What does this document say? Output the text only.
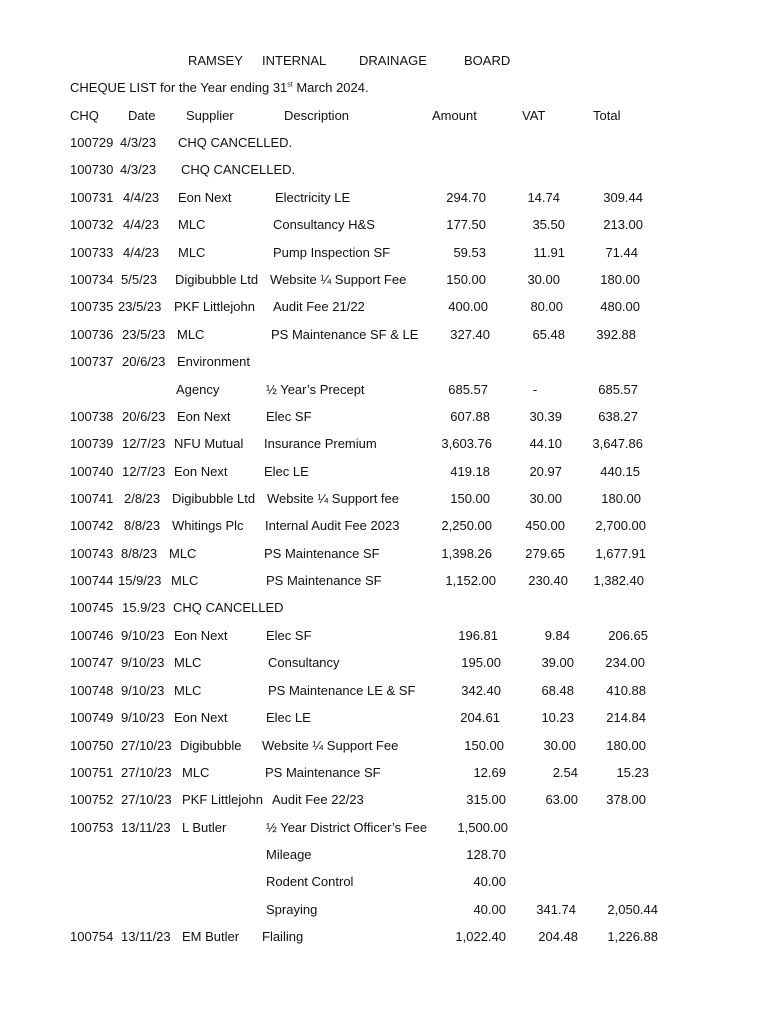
RAMSEY INTERNAL	DRAINAGE	BOARD
CHEQUE LIST for the Year ending 31st March 2024.
CHQ Date Supplier	Description	Amount	VAT	Total
100729 4/3/23 CHQ CANCELLED.
100730 4/3/23 CHQ CANCELLED.
100731 4/4/23 Eon Next	Electricity LE	294.70	14.74	309.44
100732 4/4/23 MLC	Consultancy H&S	177.50	35.50	213.00
100733 4/4/23 MLC	Pump Inspection SF	59.53	11.91	71.44
100734 5/5/23 Digibubble Ltd Website ¼ Support Fee	150.00	30.00	180.00
100735 23/5/23 PKF Littlejohn Audit Fee 21/22	400.00	80.00	480.00
100736 23/5/23 MLC	PS Maintenance SF & LE	327.40	65.48	392.88
100737 20/6/23 Environment
Agency	½ Year’s Precept	685.57	-	685.57
100738 20/6/23 Eon Next	Elec SF	607.88	30.39	638.27
100739 12/7/23 NFU Mutual Insurance Premium	3,603.76	44.10	3,647.86
100740 12/7/23 Eon Next	Elec LE	419.18	20.97	440.15
100741 2/8/23 Digibubble Ltd Website ¼ Support fee	150.00	30.00	180.00
100742 8/8/23 Whitings Plc Internal Audit Fee 2023	2,250.00	450.00	2,700.00
100743 8/8/23 MLC	PS Maintenance SF	1,398.26	279.65	1,677.91
100744 15/9/23 MLC	PS Maintenance SF	1,152.00	230.40	1,382.40
100745 15.9/23 CHQ CANCELLED
100746 9/10/23 Eon Next	Elec SF	196.81	9.84	206.65
100747 9/10/23 MLC	Consultancy	195.00	39.00	234.00
100748 9/10/23 MLC	PS Maintenance LE & SF	342.40	68.48	410.88
100749 9/10/23 Eon Next	Elec LE	204.61	10.23	214.84
100750 27/10/23 Digibubble Website ¼ Support Fee	150.00	30.00	180.00
100751 27/10/23 MLC	PS Maintenance SF	12.69	2.54	15.23
100752 27/10/23 PKF Littlejohn Audit Fee 22/23	315.00	63.00	378.00
100753 13/11/23 L Butler	½ Year District Officer’s Fee	1,500.00
Mileage	128.70
Rodent Control	40.00
Spraying	40.00	341.74	2,050.44
100754 13/11/23 EM Butler Flailing	1,022.40	204.48	1,226.88
